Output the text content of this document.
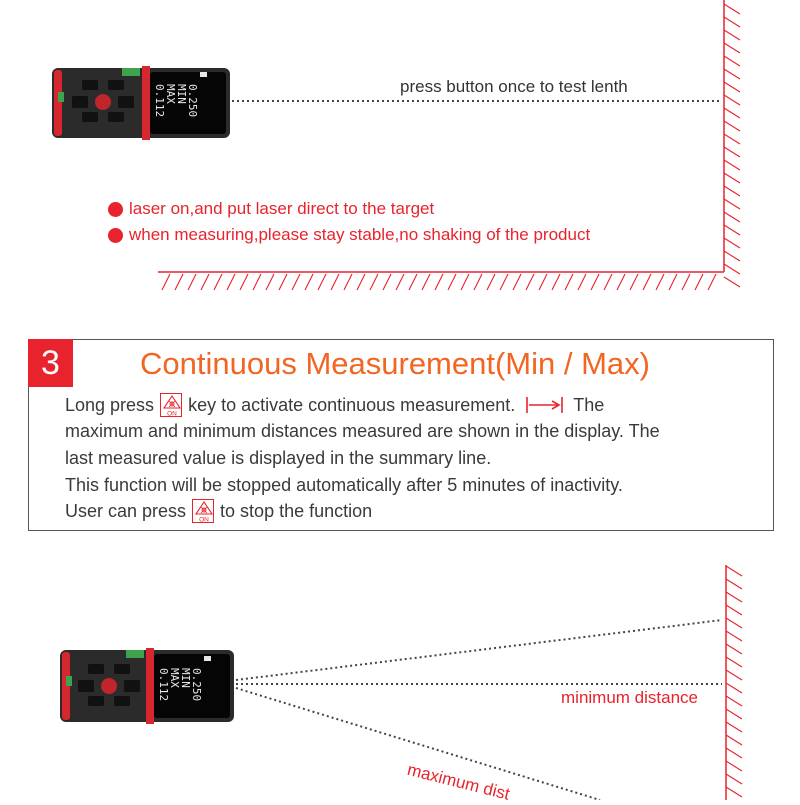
0.112
MAX
MIN
0.250	press button once to test lenth
laser on,and put laser direct to the target
when measuring,please stay stable,no shaking of the product
3	Continuous Measurement(Min / Max)
Long press ON key to activate continuous measurement.	The
maximum and minimum distances measured are shown in the display. The
last measured value is displayed in the summary line.
This function will be stopped automatically after 5 minutes of inactivity.
User can press ON to stop the function
0.112
MAX
MIN
0.250	minimum distance
maximum dist
